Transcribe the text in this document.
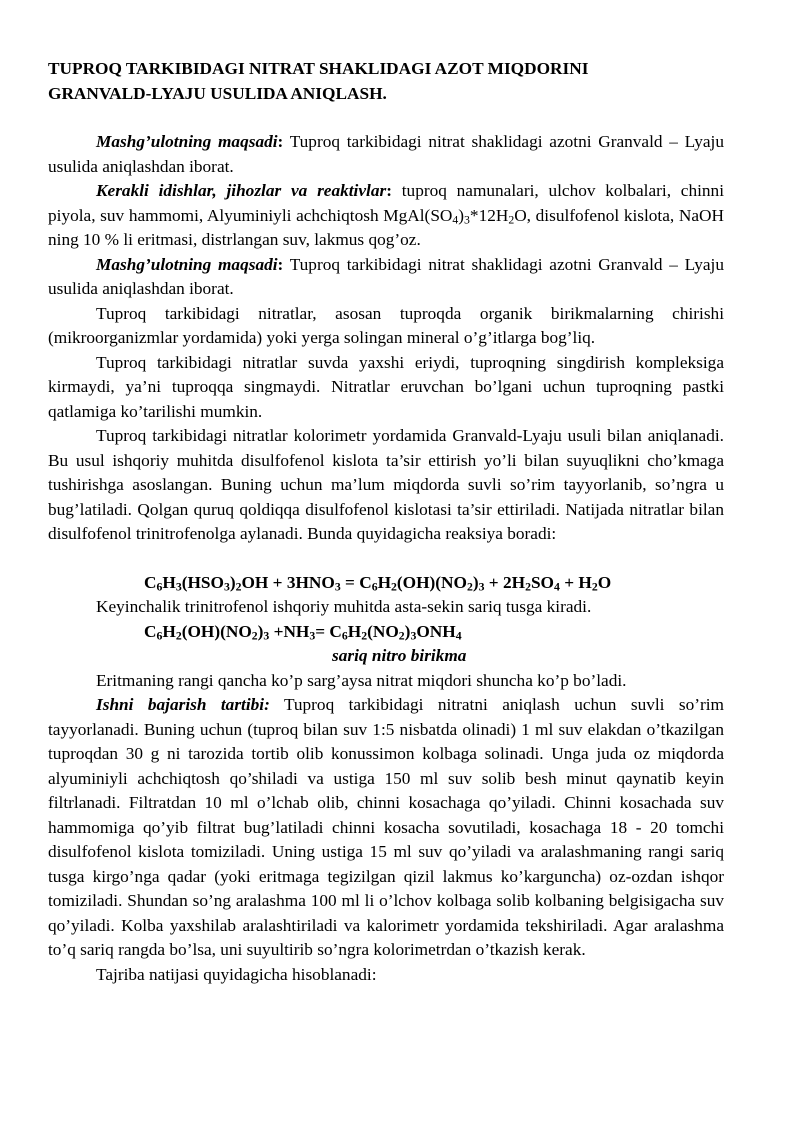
TUPROQ TARKIBIDAGI NITRAT SHAKLIDAGI AZOT MIQDORINI
GRANVALD-LYAJU USULIDA ANIQLASH.

Mashg’ulotning maqsadi: Tuproq tarkibidagi nitrat shaklidagi azotni Granvald – Lyaju usulida aniqlashdan iborat.

Kerakli idishlar, jihozlar va reaktivlar: tuproq namunalari, ulchov kolbalari, chinni piyola, suv hammomi, Alyuminiyli achchiqtosh $MgAl(SO_4)_3*12H_2O$, disulfofenol kislota, NaOH ning 10 % li eritmasi, distrlangan suv, lakmus qog’oz.

Mashg’ulotning maqsadi: Tuproq tarkibidagi nitrat shaklidagi azotni Granvald – Lyaju usulida aniqlashdan iborat.

Tuproq tarkibidagi nitratlar, asosan tuproqda organik birikmalarning chirishi (mikroorganizmlar yordamida) yoki yerga solingan mineral o’g’itlarga bog’liq.

Tuproq tarkibidagi nitratlar suvda yaxshi eriydi, tuproqning singdirish kompleksiga kirmaydi, ya’ni tuproqqa singmaydi. Nitratlar eruvchan bo’lgani uchun tuproqning pastki qatlamiga ko’tarilishi mumkin.

Tuproq tarkibidagi nitratlar kolorimetr yordamida Granvald-Lyaju usuli bilan aniqlanadi. Bu usul ishqoriy muhitda disulfofenol kislota ta’sir ettirish yo’li bilan suyuqlikni cho’kmaga tushirishga asoslangan. Buning uchun ma’lum miqdorda suvli so’rim tayyorlanib, so’ngra u bug’latiladi. Qolgan quruq qoldiqqa disulfofenol kislotasi ta’sir ettiriladi. Natijada nitratlar bilan disulfofenol trinitrofenolga aylanadi. Bunda quyidagicha reaksiya boradi:

$C_6H_3(HSO_3)_2OH + 3HNO_3 = C_6H_2(OH)(NO_2)_3 + 2H_2SO_4 + H_2O$

Keyinchalik trinitrofenol ishqoriy muhitda asta-sekin sariq tusga kiradi.

$C_6H_2(OH)(NO_2)_3 +NH_3= C_6H_2(NO_2)_3ONH_4$
sariq nitro birikma

Eritmaning rangi qancha ko’p sarg’aysa nitrat miqdori shuncha ko’p bo’ladi.

Ishni bajarish tartibi: Tuproq tarkibidagi nitratni aniqlash uchun suvli so’rim tayyorlanadi. Buning uchun (tuproq bilan suv 1:5 nisbatda olinadi) 1 ml suv elakdan o’tkazilgan tuproqdan 30 g ni tarozida tortib olib konussimon kolbaga solinadi. Unga juda oz miqdorda alyuminiyli achchiqtosh qo’shiladi va ustiga 150 ml suv solib besh minut qaynatib keyin filtrlanadi. Filtratdan 10 ml o’lchab olib, chinni kosachaga qo’yiladi. Chinni kosachada suv hammomiga qo’yib filtrat bug’latiladi chinni kosacha sovutiladi, kosachaga 18 - 20 tomchi disulfofenol kislota tomiziladi. Uning ustiga 15 ml suv qo’yiladi va aralashmaning rangi sariq tusga kirgo’nga qadar (yoki eritmaga tegizilgan qizil lakmus ko’karguncha) oz-ozdan ishqor tomiziladi. Shundan so’ng aralashma 100 ml li o’lchov kolbaga solib kolbaning belgisigacha suv qo’yiladi. Kolba yaxshilab aralashtiriladi va kalorimetr yordamida tekshiriladi. Agar aralashma to’q sariq rangda bo’lsa, uni suyultirib so’ngra kolorimetrdan o’tkazish kerak.

Tajriba natijasi quyidagicha hisoblanadi:
